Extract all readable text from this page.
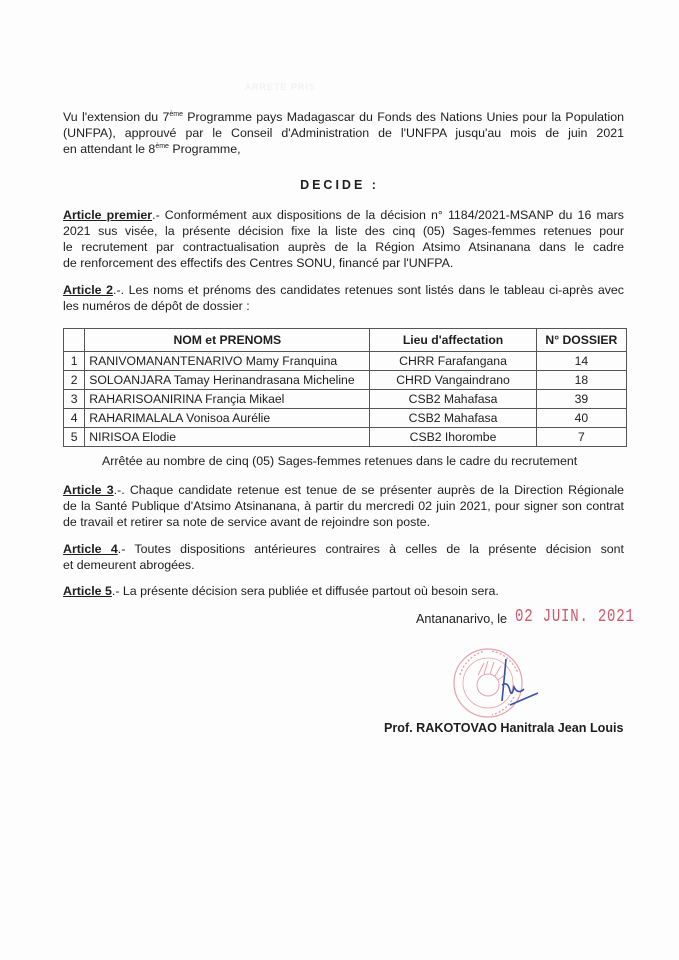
ARRETE PRIS
Vu l'extension du 7ème Programme pays Madagascar du Fonds des Nations Unies pour la Population
(UNFPA), approuvé par le Conseil d'Administration de l'UNFPA jusqu'au mois de juin 2021
en attendant le 8ème Programme,
DECIDE :
Article premier.- Conformément aux dispositions de la décision n° 1184/2021-MSANP du 16 mars
2021 sus visée, la présente décision fixe la liste des cinq (05) Sages-femmes retenues pour
le recrutement par contractualisation auprès de la Région Atsimo Atsinanana dans le cadre
de renforcement des effectifs des Centres SONU, financé par l'UNFPA.
Article 2.-. Les noms et prénoms des candidates retenues sont listés dans le tableau ci-après avec
les numéros de dépôt de dossier :
	NOM et PRENOMS	Lieu d'affectation	N° DOSSIER
1	RANIVOMANANTENARIVO Mamy Franquina	CHRR Farafangana	14
2	SOLOANJARA Tamay Herinandrasana Micheline	CHRD Vangaindrano	18
3	RAHARISOANIRINA Françia Mikael	CSB2 Mahafasa	39
4	RAHARIMALALA Vonisoa Aurélie	CSB2 Mahafasa	40
5	NIRISOA Elodie	CSB2 Ihorombe	7
Arrêtée au nombre de cinq (05) Sages-femmes retenues dans le cadre du recrutement
Article 3.-. Chaque candidate retenue est tenue de se présenter auprès de la Direction Régionale
de la Santé Publique d'Atsimo Atsinanana, à partir du mercredi 02 juin 2021, pour signer son contrat
de travail et retirer sa note de service avant de rejoindre son poste.
Article 4.- Toutes dispositions antérieures contraires à celles de la présente décision sont
et demeurent abrogées.
Article 5.- La présente décision sera publiée et diffusée partout où besoin sera.
Antananarivo, le 02 JUIN. 2021
Prof. RAKOTOVAO Hanitrala Jean Louis
